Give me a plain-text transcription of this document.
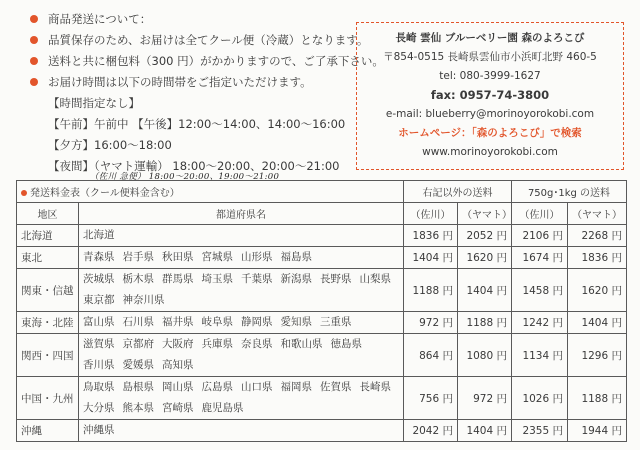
商品発送について：
品質保存のため、お届けは全てクール便（冷蔵）となります。
送料と共に梱包料（300 円）がかかりますので、ご了承下さい。
お届け時間は以下の時間帯をご指定いただけます。
【時間指定なし】
【午前】午前中 【午後】12:00～14:00、14:00～16:00
【夕方】16:00～18:00
【夜間】（ヤマト運輸） 18:00～20:00、20:00～21:00
（佐川 急便） 18:00～20:00、19:00～21:00
長崎 雲仙 ブルーベリー園 森のよろこび
〒854-0515 長崎県雲仙市小浜町北野 460-5
tel: 080-3999-1627
fax: 0957-74-3800
e-mail: blueberry@morinoyorokobi.com
ホームページ：「森のよろこび」で検索
www.morinoyorokobi.com
発送料金表（クール便料金含む）		右記以外の送料		750g･1kg の送料	
地区	都道府県名	（佐川）	（ヤマト）	（佐川）	（ヤマト）
北海道	北海道	1836 円	2052 円	2106 円	2268 円
東北	青森県 岩手県 秋田県 宮城県 山形県 福島県	1404 円	1620 円	1674 円	1836 円
関東・信越	茨城県 栃木県 群馬県 埼玉県 千葉県 新潟県 長野県 山梨県東京都 神奈川県	1188 円	1404 円	1458 円	1620 円
東海・北陸	富山県 石川県 福井県 岐阜県 静岡県 愛知県 三重県	972 円	1188 円	1242 円	1404 円
関西・四国	滋賀県 京都府 大阪府 兵庫県 奈良県 和歌山県 徳島県香川県 愛媛県 高知県	864 円	1080 円	1134 円	1296 円
中国・九州	鳥取県 島根県 岡山県 広島県 山口県 福岡県 佐賀県 長崎県大分県 熊本県 宮崎県 鹿児島県	756 円	972 円	1026 円	1188 円
沖縄	沖縄県	2042 円	1404 円	2355 円	1944 円
